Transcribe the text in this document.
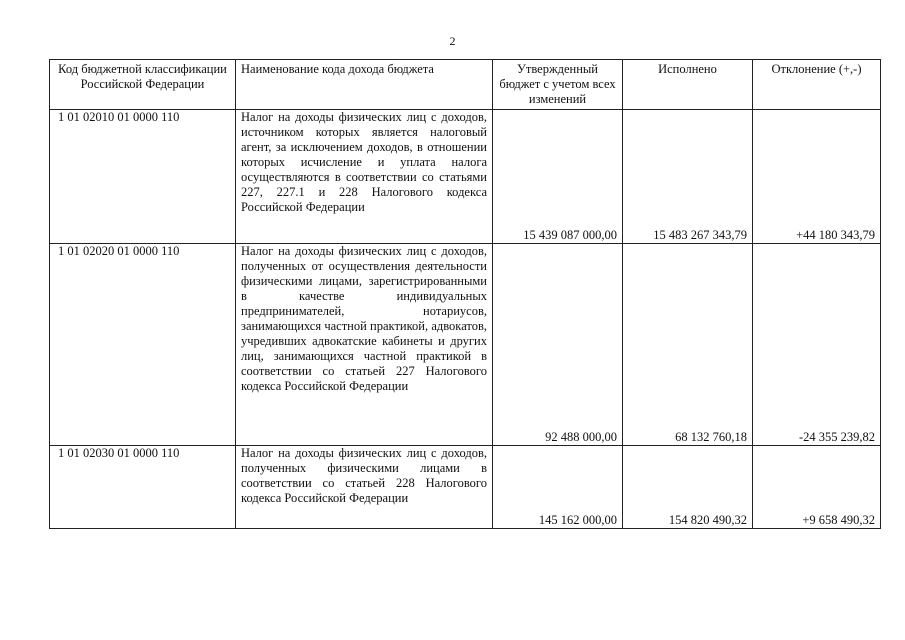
2
Код бюджетной классификации Российской Федерации	Наименование кода дохода бюджета	Утвержденный бюджет с учетом всех изменений	Исполнено	Отклонение (+,-)
1 01 02010 01 0000 110	Налог на доходы физических лиц с доходов, источником которых является налоговый агент, за исключением доходов, в отношении которых исчисление и уплата налога осуществляются в соответствии со статьями 227, 227.1 и 228 Налогового кодекса Российской Федерации	15 439 087 000,00	15 483 267 343,79	+44 180 343,79
1 01 02020 01 0000 110	Налог на доходы физических лиц с доходов, полученных от осуществления деятельности физическими лицами, зарегистрированными в качестве индивидуальных предпринимателей, нотариусов, занимающихся частной практикой, адвокатов, учредивших адвокатские кабинеты и других лиц, занимающихся частной практикой в соответствии со статьей 227 Налогового кодекса Российской Федерации	92 488 000,00	68 132 760,18	-24 355 239,82
1 01 02030 01 0000 110	Налог на доходы физических лиц с доходов, полученных физическими лицами в соответствии со статьей 228 Налогового кодекса Российской Федерации	145 162 000,00	154 820 490,32	+9 658 490,32
